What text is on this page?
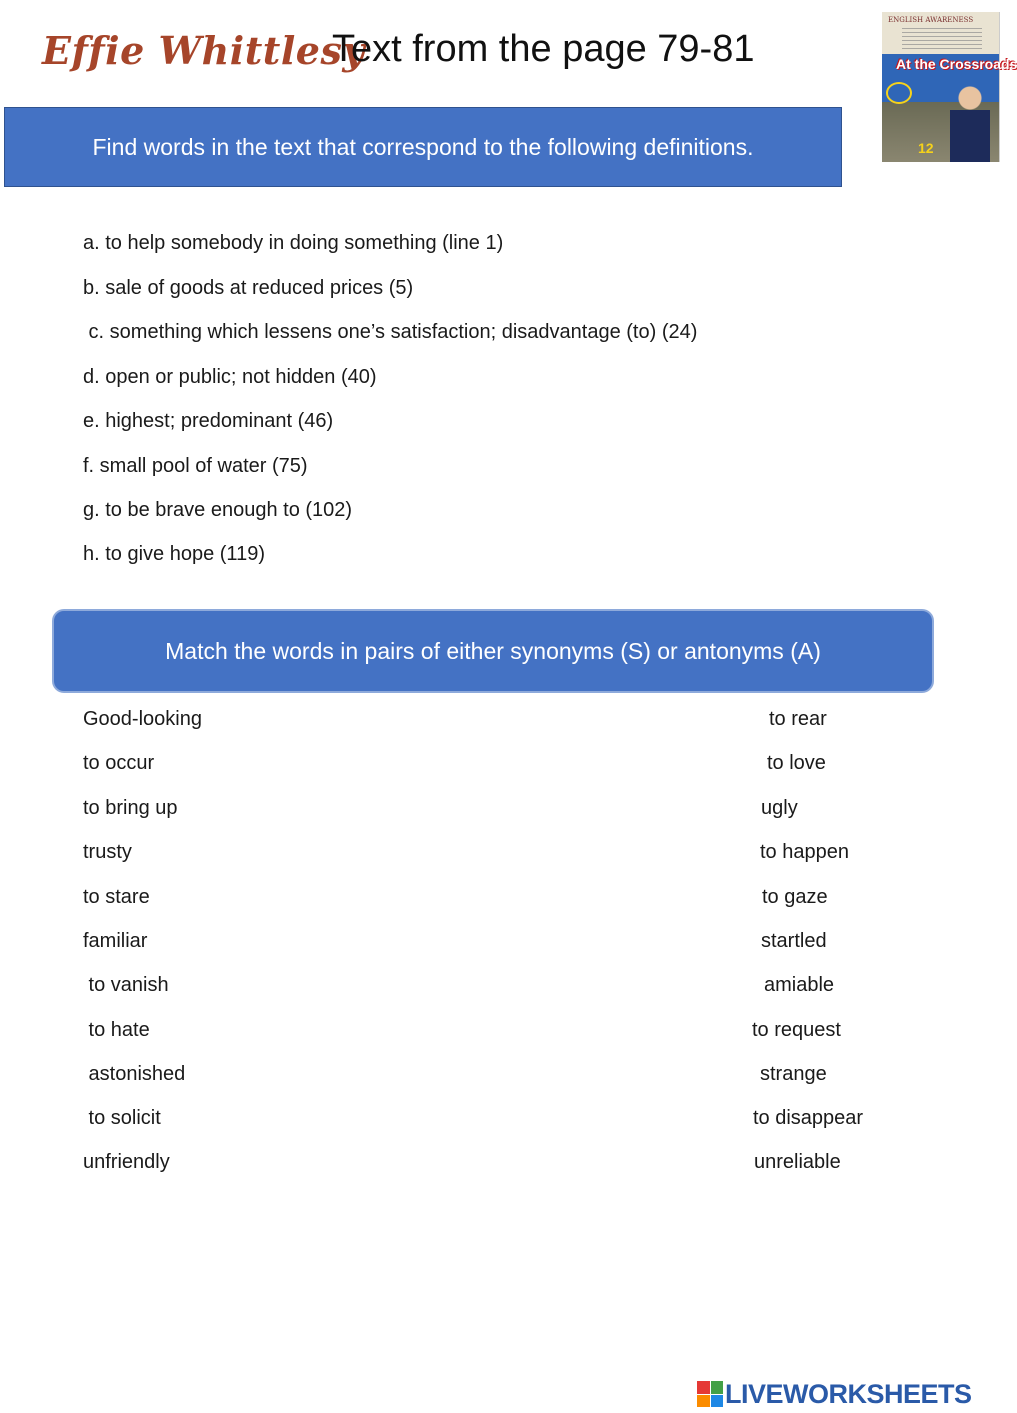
Effie Whittlesy
Text from the page 79-81
ENGLISH AWARENESS
At the Crossroads
12
Find words in the text that correspond to the following definitions.
a. to help somebody in doing something (line 1)
b. sale of goods at reduced prices (5)
c. something which lessens one’s satisfaction; disadvantage (to) (24)
d. open or public; not hidden (40)
e. highest; predominant (46)
f. small pool of water (75)
g. to be brave enough to (102)
h. to give hope (119)
Match the words in pairs of either synonyms (S) or antonyms (A)
Good-looking
to occur
to bring up
trusty
to stare
familiar
to vanish
to hate
astonished
to solicit
unfriendly
to rear
to love
ugly
to happen
to gaze
startled
amiable
to request
strange
to disappear
unreliable
LIVEWORKSHEETS
